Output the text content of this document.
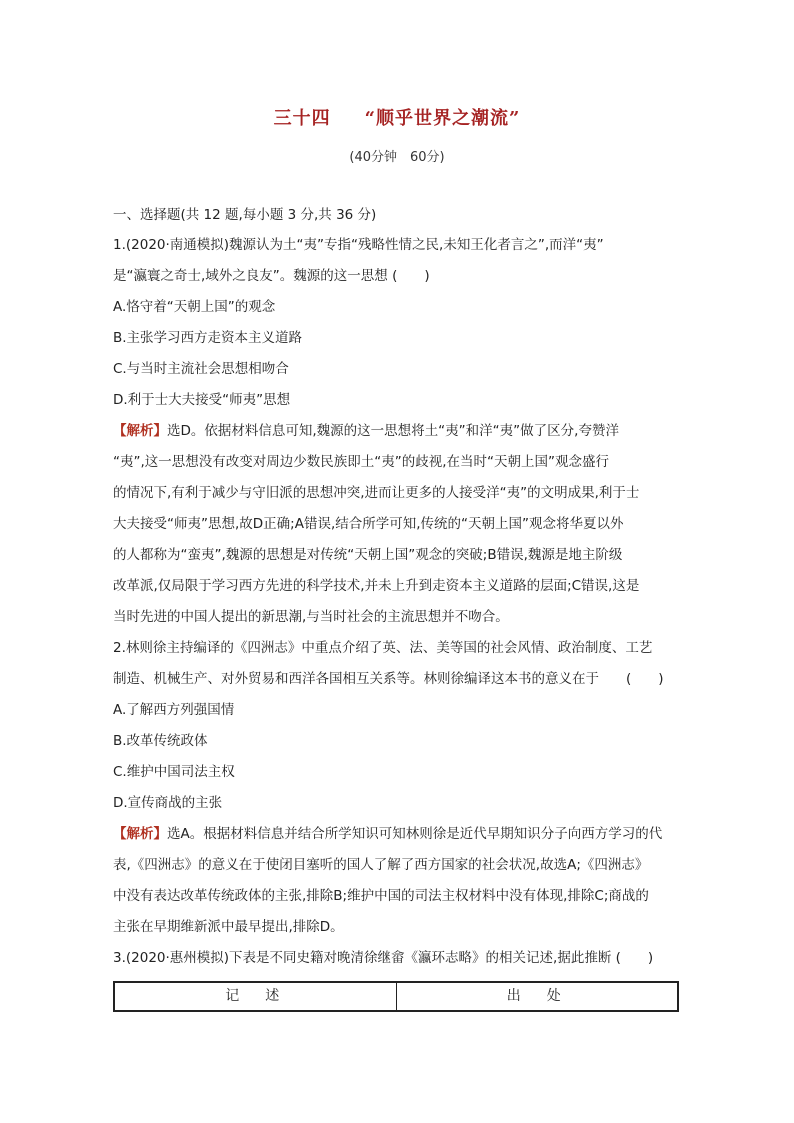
三十四 “顺乎世界之潮流”
(40分钟　60分)
一、选择题(共 12 题,每小题 3 分,共 36 分)
1.(2020·南通模拟)魏源认为土“夷”专指“残略性情之民,未知王化者言之”,而洋“夷”
是“瀛寰之奇士,域外之良友”。魏源的这一思想 (　　)
A.恪守着“天朝上国”的观念
B.主张学习西方走资本主义道路
C.与当时主流社会思想相吻合
D.利于士大夫接受“师夷”思想
【解析】选D。依据材料信息可知,魏源的这一思想将土“夷”和洋“夷”做了区分,夸赞洋
“夷”,这一思想没有改变对周边少数民族即土“夷”的歧视,在当时“天朝上国”观念盛行
的情况下,有利于减少与守旧派的思想冲突,进而让更多的人接受洋“夷”的文明成果,利于士
大夫接受“师夷”思想,故D正确;A错误,结合所学可知,传统的“天朝上国”观念将华夏以外
的人都称为“蛮夷”,魏源的思想是对传统“天朝上国”观念的突破;B错误,魏源是地主阶级
改革派,仅局限于学习西方先进的科学技术,并未上升到走资本主义道路的层面;C错误,这是
当时先进的中国人提出的新思潮,与当时社会的主流思想并不吻合。
2.林则徐主持编译的《四洲志》中重点介绍了英、法、美等国的社会风情、政治制度、工艺
制造、机械生产、对外贸易和西洋各国相互关系等。林则徐编译这本书的意义在于　　(　　)
A.了解西方列强国情
B.改革传统政体
C.维护中国司法主权
D.宣传商战的主张
【解析】选A。根据材料信息并结合所学知识可知林则徐是近代早期知识分子向西方学习的代
表,《四洲志》的意义在于使闭目塞听的国人了解了西方国家的社会状况,故选A;《四洲志》
中没有表达改革传统政体的主张,排除B;维护中国的司法主权材料中没有体现,排除C;商战的
主张在早期维新派中最早提出,排除D。
3.(2020·惠州模拟)下表是不同史籍对晚清徐继畲《瀛环志略》的相关记述,据此推断 (　　)
记　述	出　处
